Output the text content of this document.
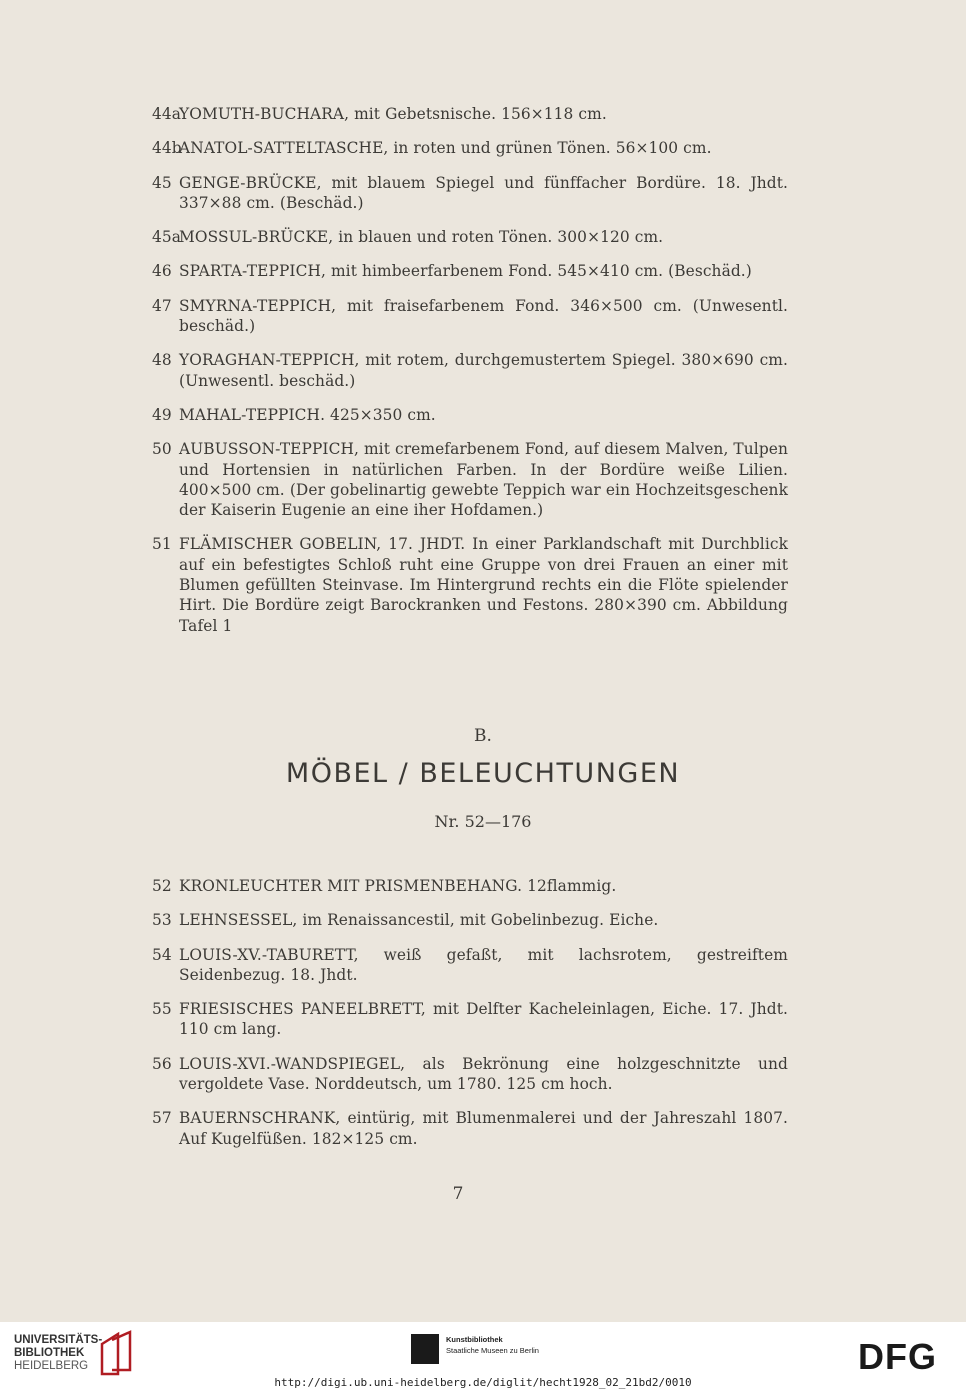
44a
YOMUTH-BUCHARA, mit Gebetsnische. 156×118 cm.
44b
ANATOL-SATTELTASCHE, in roten und grünen Tönen. 56×100 cm.
45 GENGE-BRÜCKE, mit blauem Spiegel und fünffacher Bordüre. 18. Jhdt. 337×88 cm. (Beschäd.)
45a
MOSSUL-BRÜCKE, in blauen und roten Tönen. 300×120 cm.
46 SPARTA-TEPPICH, mit himbeerfarbenem Fond. 545×410 cm. (Beschäd.)
47 SMYRNA-TEPPICH, mit fraisefarbenem Fond. 346×500 cm. (Unwesentl. beschäd.)
48 YORAGHAN-TEPPICH, mit rotem, durchgemustertem Spiegel. 380×690 cm. (Unwesentl. beschäd.)
49 MAHAL-TEPPICH. 425×350 cm.
50 AUBUSSON-TEPPICH, mit cremefarbenem Fond, auf diesem Malven, Tulpen und Hortensien in natürlichen Farben. In der Bordüre weiße Lilien. 400×500 cm. (Der gobelinartig gewebte Teppich war ein Hochzeitsgeschenk der Kaiserin Eugenie an eine iher Hofdamen.)
51 FLÄMISCHER GOBELIN, 17. JHDT. In einer Parklandschaft mit Durchblick auf ein befestigtes Schloß ruht eine Gruppe von drei Frauen an einer mit Blumen gefüllten Steinvase. Im Hintergrund rechts ein die Flöte spielender Hirt. Die Bordüre zeigt Barockranken und Festons. 280×390 cm. Abbildung Tafel 1
B.
MÖBEL / BELEUCHTUNGEN
Nr. 52—176
52 KRONLEUCHTER MIT PRISMENBEHANG. 12flammig.
53 LEHNSESSEL, im Renaissancestil, mit Gobelinbezug. Eiche.
54 LOUIS-XV.-TABURETT, weiß gefaßt, mit lachsrotem, gestreiftem Seidenbezug. 18. Jhdt.
55 FRIESISCHES PANEELBRETT, mit Delfter Kacheleinlagen, Eiche. 17. Jhdt. 110 cm lang.
56 LOUIS-XVI.-WANDSPIEGEL, als Bekrönung eine holzgeschnitzte und vergoldete Vase. Norddeutsch, um 1780. 125 cm hoch.
57 BAUERNSCHRANK, eintürig, mit Blumenmalerei und der Jahreszahl 1807. Auf Kugelfüßen. 182×125 cm.
7
UNIVERSITÄTS-
BIBLIOTHEK
HEIDELBERG
Kunstbibliothek
Staatliche Museen zu Berlin	DFG
http://digi.ub.uni-heidelberg.de/diglit/hecht1928_02_21bd2/0010
